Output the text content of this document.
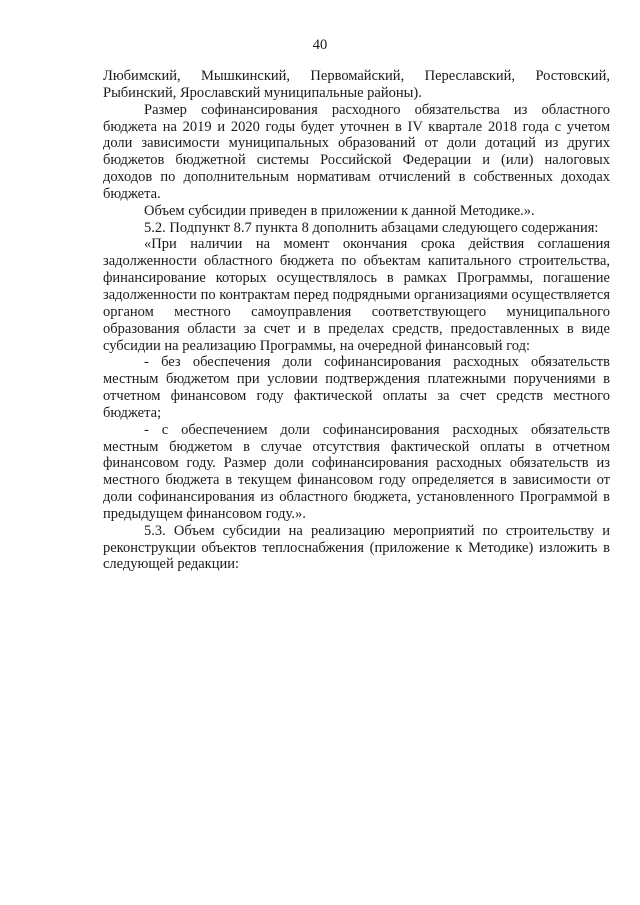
40

Любимский, Мышкинский, Первомайский, Переславский, Ростовский, Рыбинский, Ярославский муниципальные районы).

Размер софинансирования расходного обязательства из областного бюджета на 2019 и 2020 годы будет уточнен в IV квартале 2018 года с учетом доли зависимости муниципальных образований от доли дотаций из других бюджетов бюджетной системы Российской Федерации и (или) налоговых доходов по дополнительным нормативам отчислений в собственных доходах бюджета.

Объем субсидии приведен в приложении к данной Методике.».

5.2. Подпункт 8.7 пункта 8 дополнить абзацами следующего содержания:

«При наличии на момент окончания срока действия соглашения задолженности областного бюджета по объектам капитального строительства, финансирование которых осуществлялось в рамках Программы, погашение задолженности по контрактам перед подрядными организациями осуществляется органом местного самоуправления соответствующего муниципального образования области за счет и в пределах средств, предоставленных в виде субсидии на реализацию Программы, на очередной финансовый год:

- без обеспечения доли софинансирования расходных обязательств местным бюджетом при условии подтверждения платежными поручениями в отчетном финансовом году фактической оплаты за счет средств местного бюджета;

- с обеспечением доли софинансирования расходных обязательств местным бюджетом в случае отсутствия фактической оплаты в отчетном финансовом году. Размер доли софинансирования расходных обязательств из местного бюджета в текущем финансовом году определяется в зависимости от доли софинансирования из областного бюджета, установленного Программой в предыдущем финансовом году.».

5.3. Объем субсидии на реализацию мероприятий по строительству и реконструкции объектов теплоснабжения (приложение к Методике) изложить в следующей редакции:
